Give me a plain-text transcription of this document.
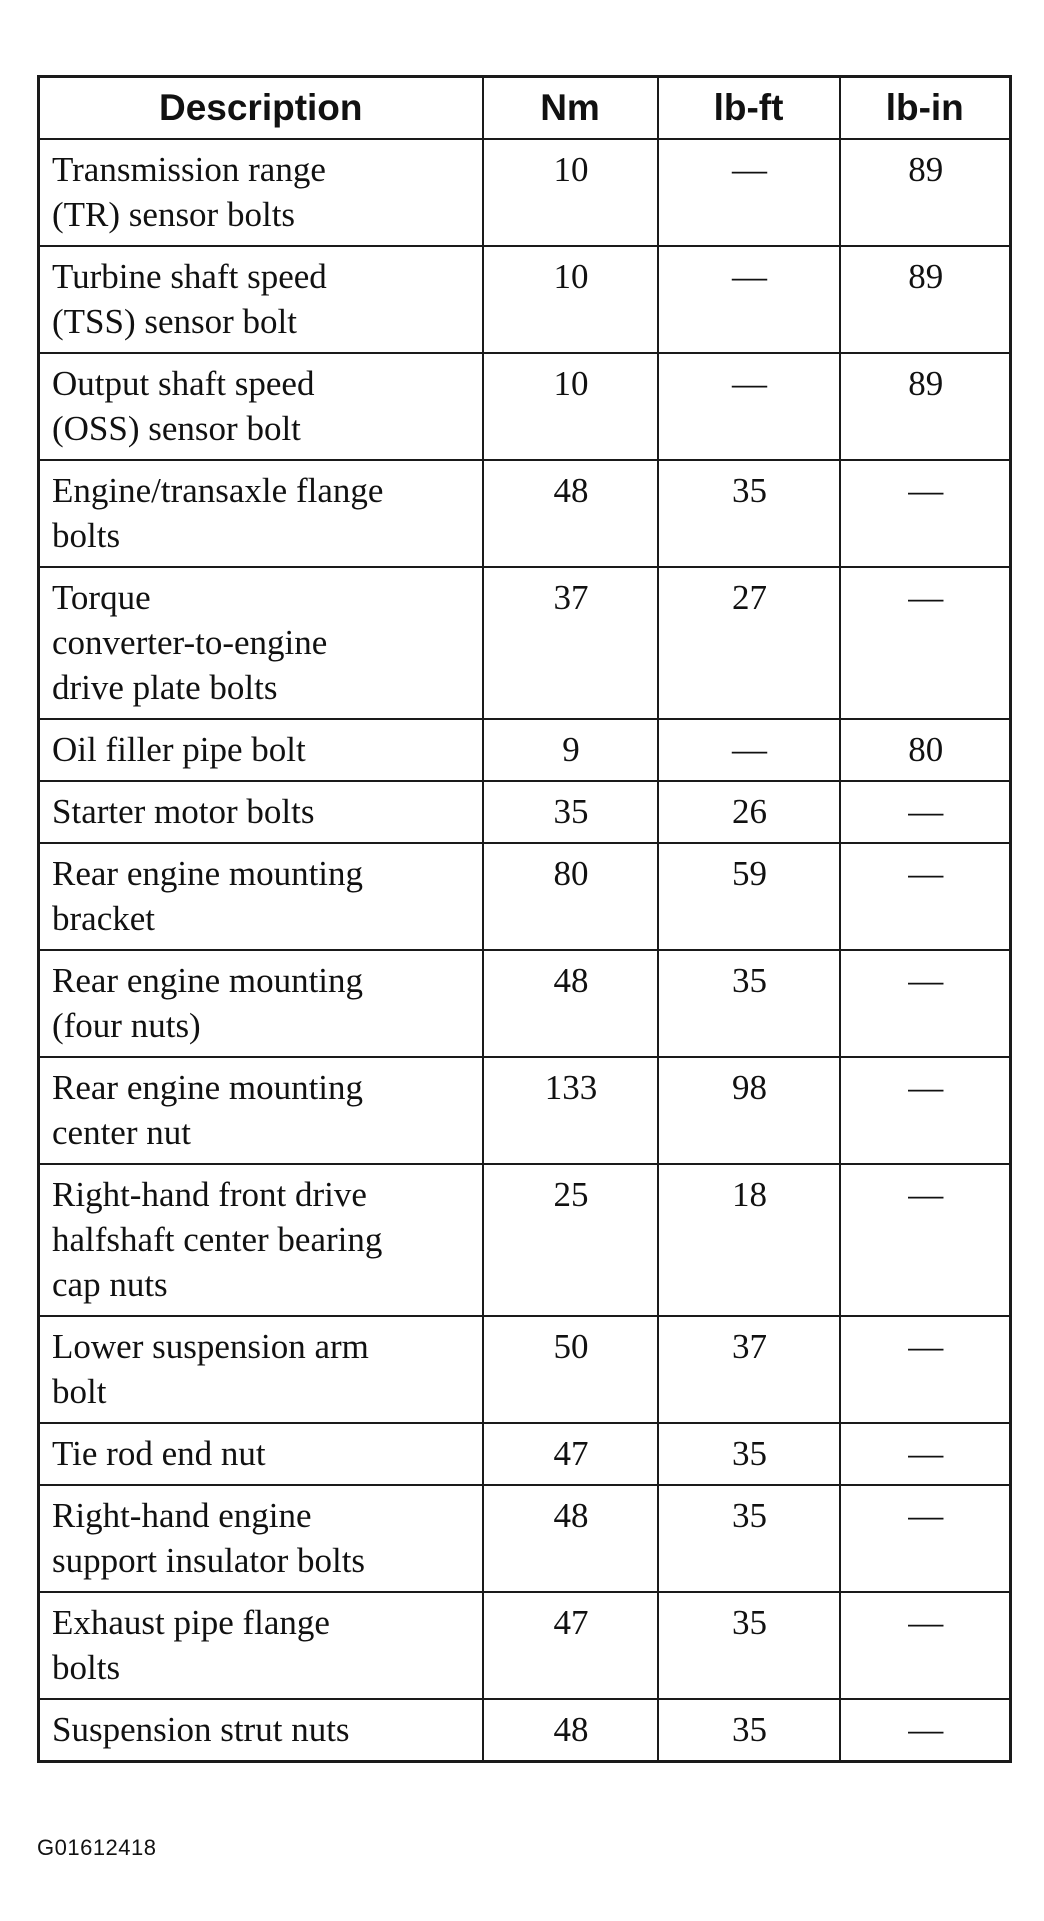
Description	Nm	lb-ft	lb-in

Transmission range
(TR) sensor bolts	10	—	89

Turbine shaft speed
(TSS) sensor bolt	10	—	89

Output shaft speed
(OSS) sensor bolt	10	—	89

Engine/transaxle flange
bolts	48	35	—

Torque
converter-to-engine
drive plate bolts	37	27	—

Oil filler pipe bolt	9	—	80

Starter motor bolts	35	26	—

Rear engine mounting
bracket	80	59	—

Rear engine mounting
(four nuts)	48	35	—

Rear engine mounting
center nut	133	98	—

Right-hand front drive
halfshaft center bearing
cap nuts	25	18	—

Lower suspension arm
bolt	50	37	—

Tie rod end nut	47	35	—

Right-hand engine
support insulator bolts	48	35	—

Exhaust pipe flange
bolts	47	35	—

Suspension strut nuts	48	35	—
G01612418
